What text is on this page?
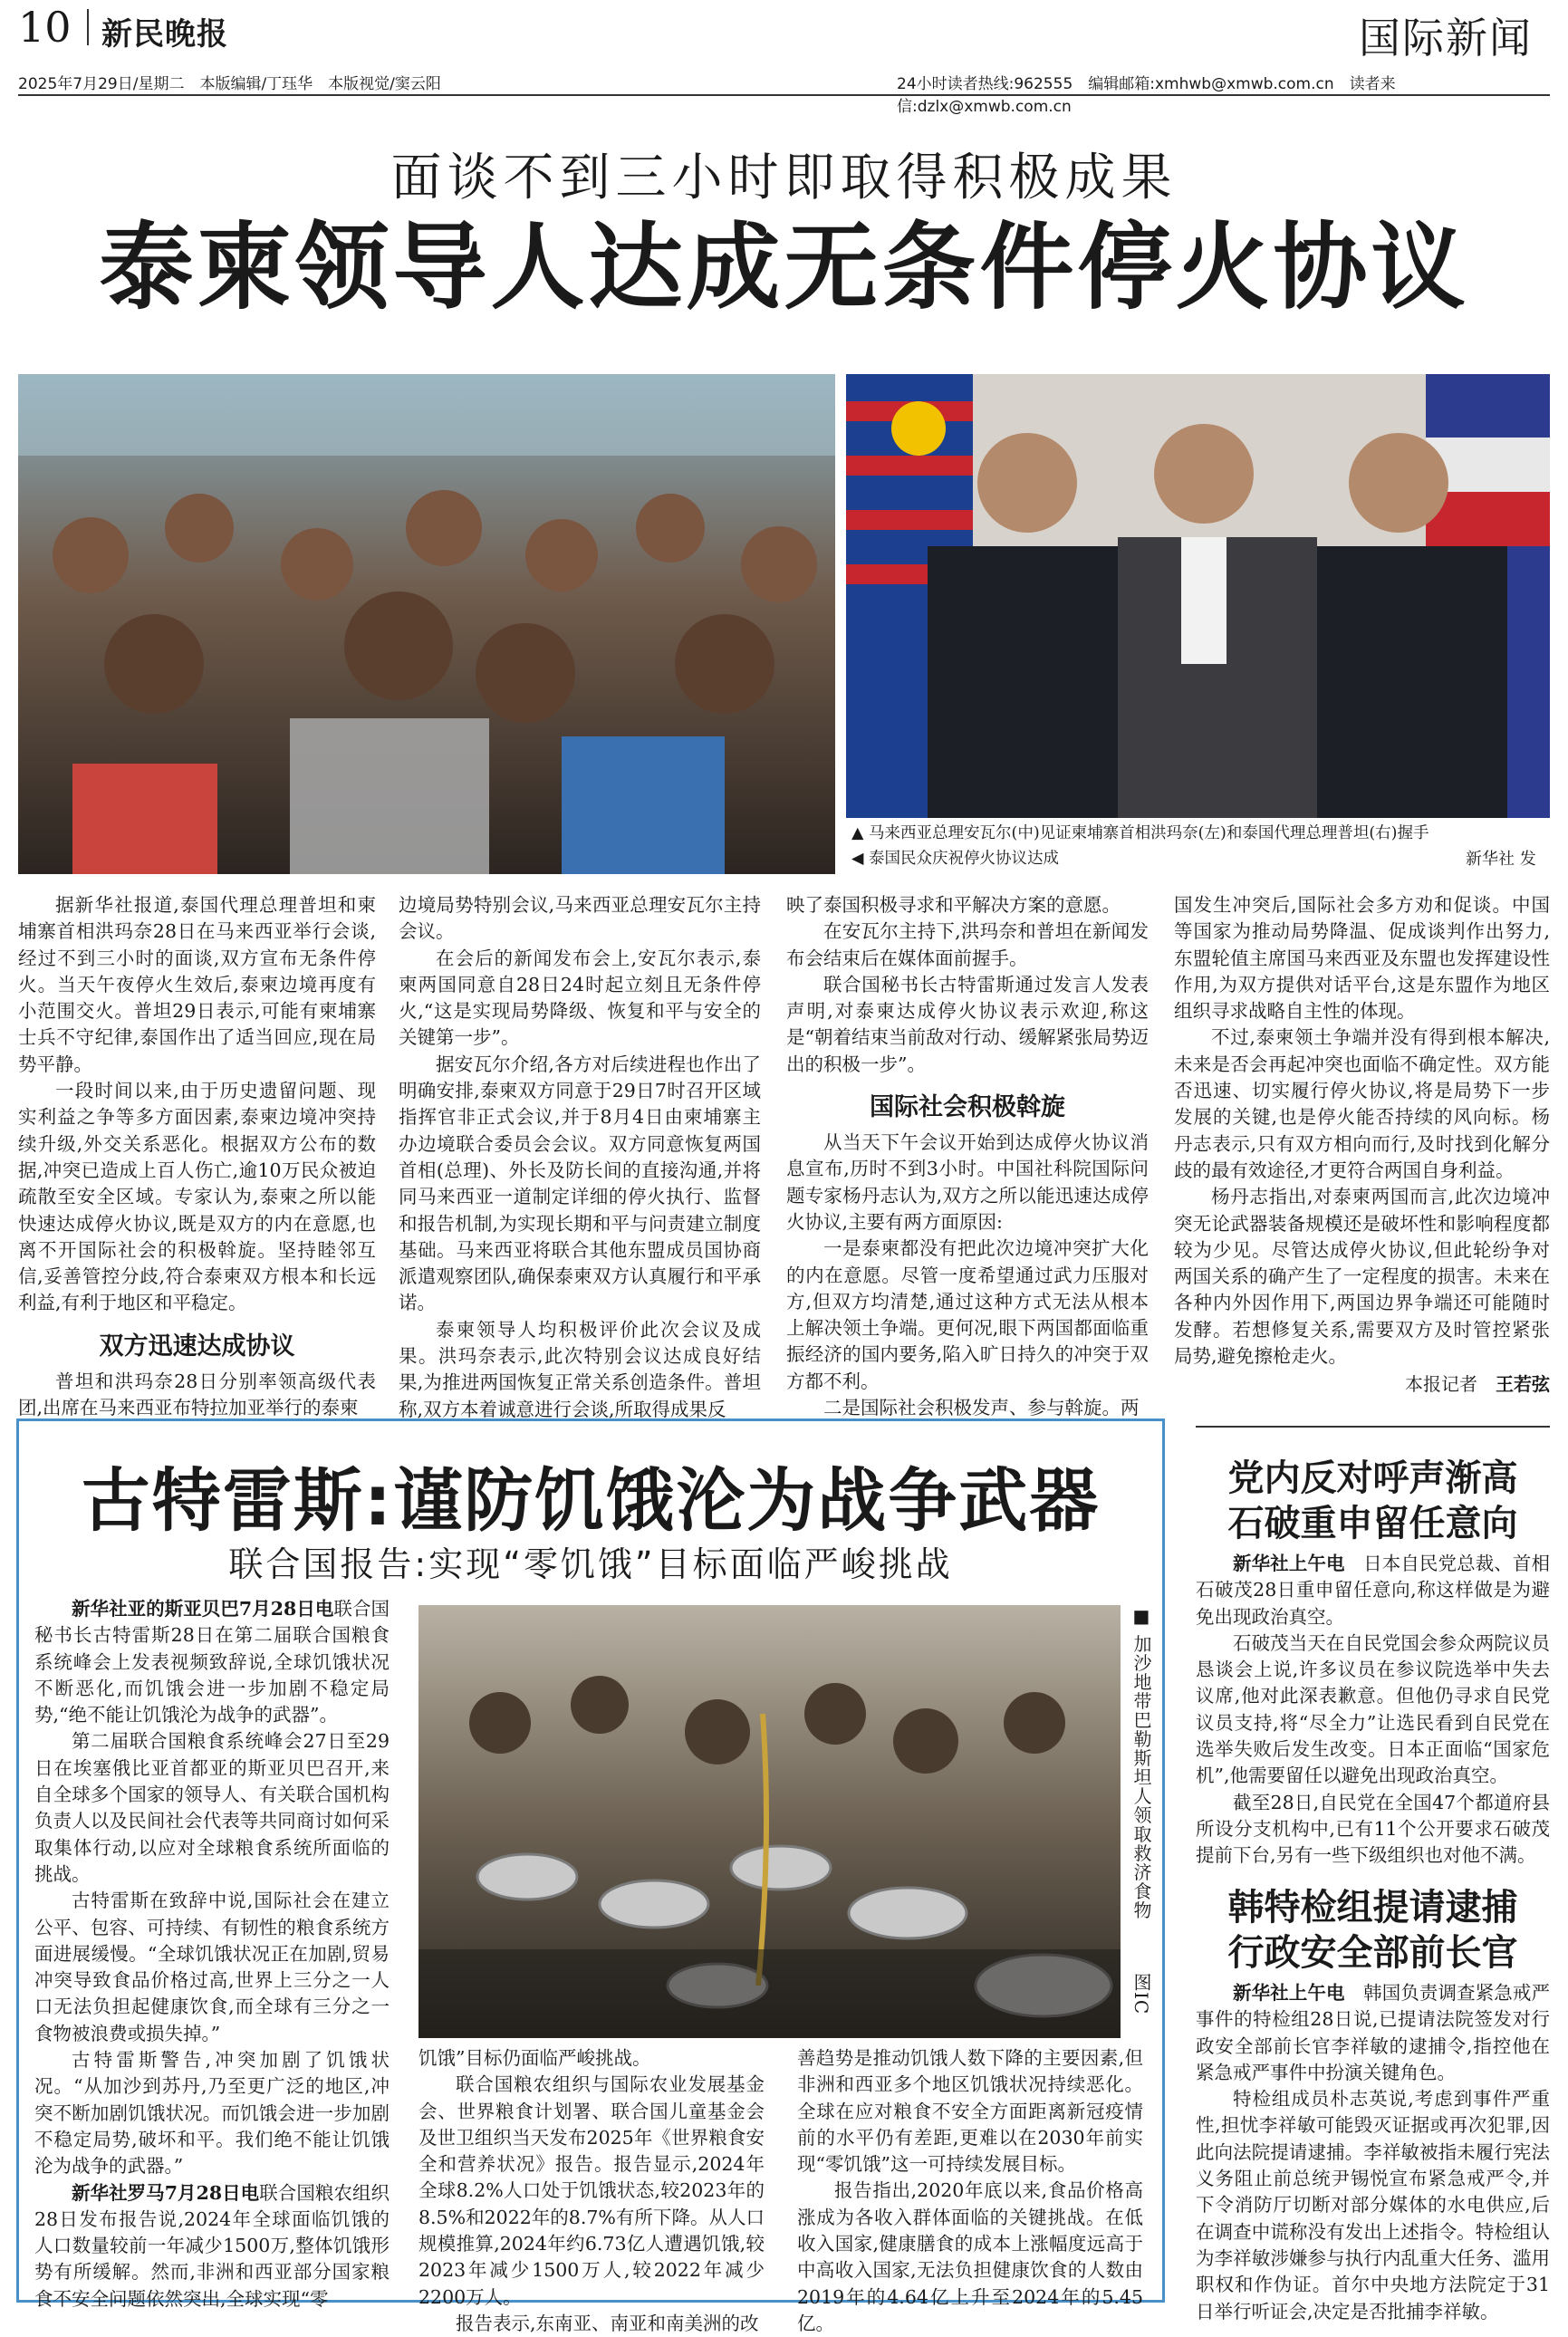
10 新民晚报	国际新闻
2025年7月29日/星期二　本版编辑/丁珏华　本版视觉/窦云阳	24小时读者热线:962555　编辑邮箱:xmhwb@xmwb.com.cn　读者来信:dzlx@xmwb.com.cn
面谈不到三小时即取得积极成果
泰柬领导人达成无条件停火协议
▲ 马来西亚总理安瓦尔(中)见证柬埔寨首相洪玛奈(左)和泰国代理总理普坦(右)握手
◀ 泰国民众庆祝停火协议达成	新华社 发

据新华社报道,泰国代理总理普坦和柬埔寨首相洪玛奈28日在马来西亚举行会谈,经过不到三小时的面谈,双方宣布无条件停火。当天午夜停火生效后,泰柬边境再度有小范围交火。普坦29日表示,可能有柬埔寨士兵不守纪律,泰国作出了适当回应,现在局势平静。

一段时间以来,由于历史遗留问题、现实利益之争等多方面因素,泰柬边境冲突持续升级,外交关系恶化。根据双方公布的数据,冲突已造成上百人伤亡,逾10万民众被迫疏散至安全区域。专家认为,泰柬之所以能快速达成停火协议,既是双方的内在意愿,也离不开国际社会的积极斡旋。坚持睦邻互信,妥善管控分歧,符合泰柬双方根本和长远利益,有利于地区和平稳定。

双方迅速达成协议

普坦和洪玛奈28日分别率领高级代表团,出席在马来西亚布特拉加亚举行的泰柬

边境局势特别会议,马来西亚总理安瓦尔主持会议。

在会后的新闻发布会上,安瓦尔表示,泰柬两国同意自28日24时起立刻且无条件停火,“这是实现局势降级、恢复和平与安全的关键第一步”。

据安瓦尔介绍,各方对后续进程也作出了明确安排,泰柬双方同意于29日7时召开区域指挥官非正式会议,并于8月4日由柬埔寨主办边境联合委员会会议。双方同意恢复两国首相(总理)、外长及防长间的直接沟通,并将同马来西亚一道制定详细的停火执行、监督和报告机制,为实现长期和平与问责建立制度基础。马来西亚将联合其他东盟成员国协商派遣观察团队,确保泰柬双方认真履行和平承诺。

泰柬领导人均积极评价此次会议及成果。洪玛奈表示,此次特别会议达成良好结果,为推进两国恢复正常关系创造条件。普坦称,双方本着诚意进行会谈,所取得成果反

映了泰国积极寻求和平解决方案的意愿。

在安瓦尔主持下,洪玛奈和普坦在新闻发布会结束后在媒体面前握手。

联合国秘书长古特雷斯通过发言人发表声明,对泰柬达成停火协议表示欢迎,称这是“朝着结束当前敌对行动、缓解紧张局势迈出的积极一步”。

国际社会积极斡旋

从当天下午会议开始到达成停火协议消息宣布,历时不到3小时。中国社科院国际问题专家杨丹志认为,双方之所以能迅速达成停火协议,主要有两方面原因:

一是泰柬都没有把此次边境冲突扩大化的内在意愿。尽管一度希望通过武力压服对方,但双方均清楚,通过这种方式无法从根本上解决领土争端。更何况,眼下两国都面临重振经济的国内要务,陷入旷日持久的冲突于双方都不利。

二是国际社会积极发声、参与斡旋。两

国发生冲突后,国际社会多方劝和促谈。中国等国家为推动局势降温、促成谈判作出努力,东盟轮值主席国马来西亚及东盟也发挥建设性作用,为双方提供对话平台,这是东盟作为地区组织寻求战略自主性的体现。

不过,泰柬领土争端并没有得到根本解决,未来是否会再起冲突也面临不确定性。双方能否迅速、切实履行停火协议,将是局势下一步发展的关键,也是停火能否持续的风向标。杨丹志表示,只有双方相向而行,及时找到化解分歧的最有效途径,才更符合两国自身利益。

杨丹志指出,对泰柬两国而言,此次边境冲突无论武器装备规模还是破坏性和影响程度都较为少见。尽管达成停火协议,但此轮纷争对两国关系的确产生了一定程度的损害。未来在各种内外因作用下,两国边界争端还可能随时发酵。若想修复关系,需要双方及时管控紧张局势,避免擦枪走火。

本报记者　 王若弦
古特雷斯:谨防饥饿沦为战争武器
联合国报告:实现“零饥饿”目标面临严峻挑战

新华社亚的斯亚贝巴7月28日电联合国秘书长古特雷斯28日在第二届联合国粮食系统峰会上发表视频致辞说,全球饥饿状况不断恶化,而饥饿会进一步加剧不稳定局势,“绝不能让饥饿沦为战争的武器”。

第二届联合国粮食系统峰会27日至29日在埃塞俄比亚首都亚的斯亚贝巴召开,来自全球多个国家的领导人、有关联合国机构负责人以及民间社会代表等共同商讨如何采取集体行动,以应对全球粮食系统所面临的挑战。

古特雷斯在致辞中说,国际社会在建立公平、包容、可持续、有韧性的粮食系统方面进展缓慢。“全球饥饿状况正在加剧,贸易冲突导致食品价格过高,世界上三分之一人口无法负担起健康饮食,而全球有三分之一食物被浪费或损失掉。”

古特雷斯警告,冲突加剧了饥饿状况。“从加沙到苏丹,乃至更广泛的地区,冲突不断加剧饥饿状况。而饥饿会进一步加剧不稳定局势,破坏和平。我们绝不能让饥饿沦为战争的武器。”

新华社罗马7月28日电联合国粮农组织28日发布报告说,2024年全球面临饥饿的人口数量较前一年减少1500万,整体饥饿形势有所缓解。然而,非洲和西亚部分国家粮食不安全问题依然突出,全球实现“零

■ 加沙地带巴勒斯坦人领取救济食物
图IC

饥饿”目标仍面临严峻挑战。

联合国粮农组织与国际农业发展基金会、世界粮食计划署、联合国儿童基金会及世卫组织当天发布2025年《世界粮食安全和营养状况》报告。报告显示,2024年全球8.2%人口处于饥饿状态,较2023年的8.5%和2022年的8.7%有所下降。从人口规模推算,2024年约6.73亿人遭遇饥饿,较2023年减少1500万人,较2022年减少2200万人。

报告表示,东南亚、南亚和南美洲的改

善趋势是推动饥饿人数下降的主要因素,但非洲和西亚多个地区饥饿状况持续恶化。全球在应对粮食不安全方面距离新冠疫情前的水平仍有差距,更难以在2030年前实现“零饥饿”这一可持续发展目标。

报告指出,2020年底以来,食品价格高涨成为各收入群体面临的关键挑战。在低收入国家,健康膳食的成本上涨幅度远高于中高收入国家,无法负担健康饮食的人数由2019年的4.64亿上升至2024年的5.45亿。

党内反对呼声渐高
石破重申留任意向

新华社上午电　 日本自民党总裁、首相石破茂28日重申留任意向,称这样做是为避免出现政治真空。

石破茂当天在自民党国会参众两院议员恳谈会上说,许多议员在参议院选举中失去议席,他对此深表歉意。但他仍寻求自民党议员支持,将“尽全力”让选民看到自民党在选举失败后发生改变。日本正面临“国家危机”,他需要留任以避免出现政治真空。

截至28日,自民党在全国47个都道府县所设分支机构中,已有11个公开要求石破茂提前下台,另有一些下级组织也对他不满。

韩特检组提请逮捕
行政安全部前长官

新华社上午电　 韩国负责调查紧急戒严事件的特检组28日说,已提请法院签发对行政安全部前长官李祥敏的逮捕令,指控他在紧急戒严事件中扮演关键角色。

特检组成员朴志英说,考虑到事件严重性,担忧李祥敏可能毁灭证据或再次犯罪,因此向法院提请逮捕。李祥敏被指未履行宪法义务阻止前总统尹锡悦宣布紧急戒严令,并下令消防厅切断对部分媒体的水电供应,后在调查中谎称没有发出上述指令。特检组认为李祥敏涉嫌参与执行内乱重大任务、滥用职权和作伪证。首尔中央地方法院定于31日举行听证会,决定是否批捕李祥敏。
